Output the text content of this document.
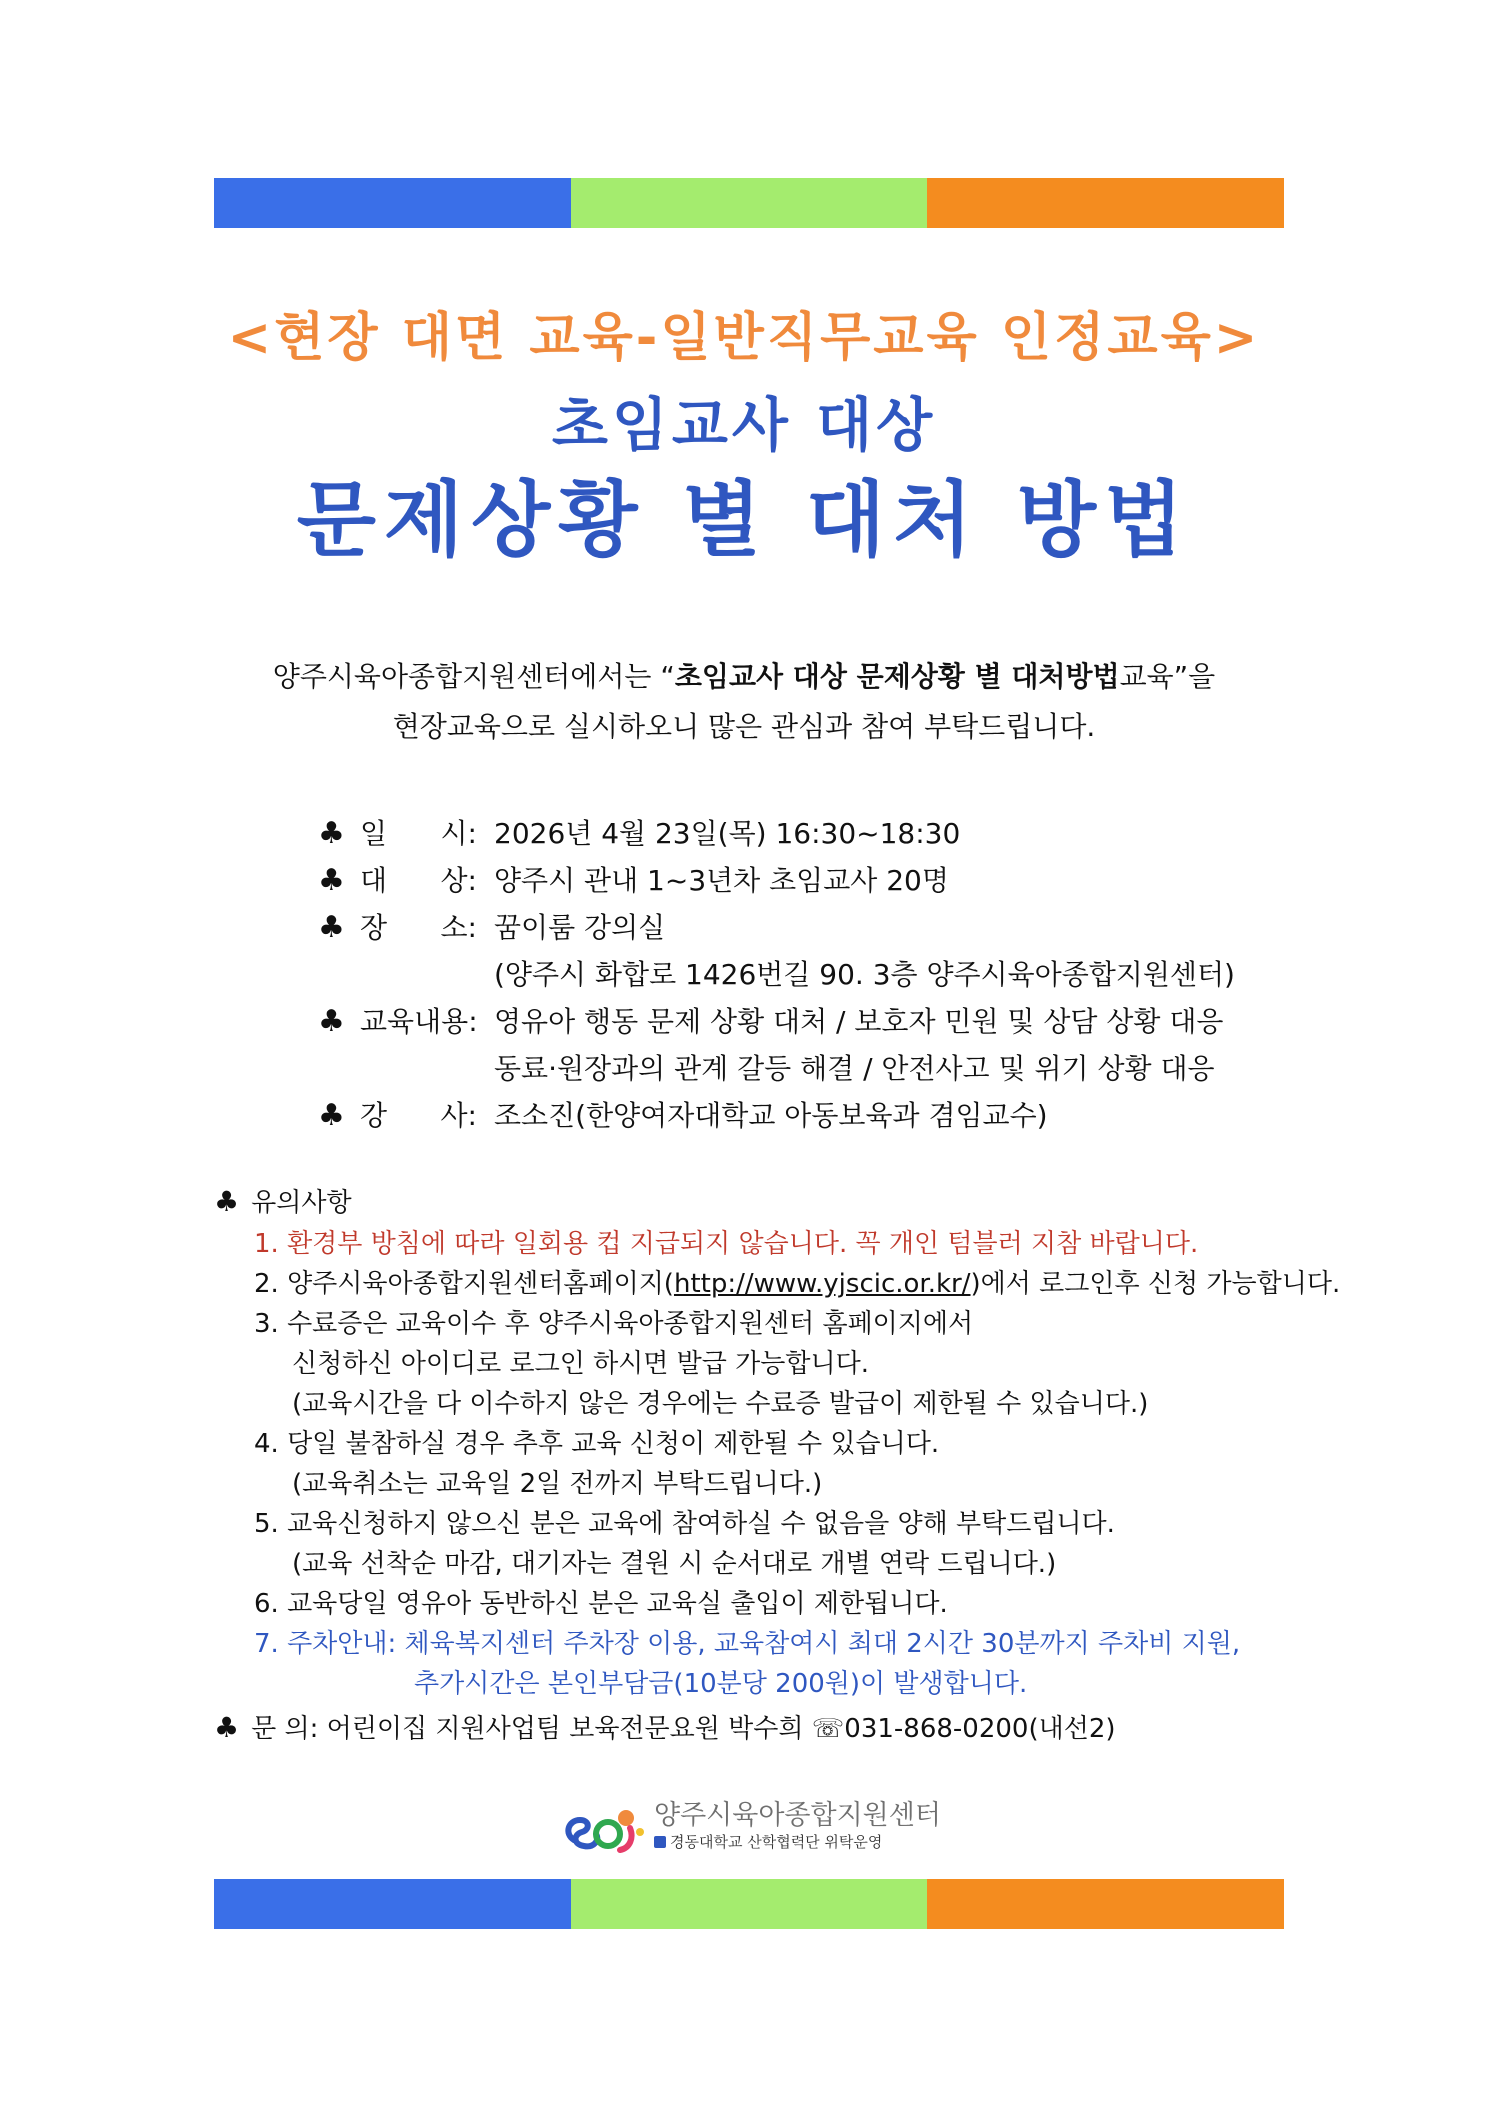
<현장 대면 교육-일반직무교육 인정교육>
초임교사 대상
문제상황 별 대처 방법
양주시육아종합지원센터에서는 “초임교사 대상 문제상황 별 대처방법교육”을
현장교육으로 실시하오니 많은 관심과 참여 부탁드립니다.
♣ 일      시: 2026년 4월 23일(목) 16:30~18:30
♣ 대      상: 양주시 관내 1~3년차 초임교사 20명
♣ 장      소: 꿈이룸 강의실
(양주시 화합로 1426번길 90. 3층 양주시육아종합지원센터)
♣ 교육내용: 영유아 행동 문제 상황 대처 / 보호자 민원 및 상담 상황 대응
동료·원장과의 관계 갈등 해결 / 안전사고 및 위기 상황 대응
♣ 강      사: 조소진(한양여자대학교 아동보육과 겸임교수)
♣ 유의사항
1. 환경부 방침에 따라 일회용 컵 지급되지 않습니다. 꼭 개인 텀블러 지참 바랍니다.
2. 양주시육아종합지원센터홈페이지(http://www.yjscic.or.kr/)에서 로그인후 신청 가능합니다.
3. 수료증은 교육이수 후 양주시육아종합지원센터 홈페이지에서
신청하신 아이디로 로그인 하시면 발급 가능합니다.
(교육시간을 다 이수하지 않은 경우에는 수료증 발급이 제한될 수 있습니다.)
4. 당일 불참하실 경우 추후 교육 신청이 제한될 수 있습니다.
(교육취소는 교육일 2일 전까지 부탁드립니다.)
5. 교육신청하지 않으신 분은 교육에 참여하실 수 없음을 양해 부탁드립니다.
(교육 선착순 마감, 대기자는 결원 시 순서대로 개별 연락 드립니다.)
6. 교육당일 영유아 동반하신 분은 교육실 출입이 제한됩니다.
7. 주차안내: 체육복지센터 주차장 이용, 교육참여시 최대 2시간 30분까지 주차비 지원,
추가시간은 본인부담금(10분당 200원)이 발생합니다.
♣ 문 의: 어린이집 지원사업팀 보육전문요원 박수희 ☏031-868-0200(내선2)
양주시육아종합지원센터
경동대학교 산학협력단 위탁운영
